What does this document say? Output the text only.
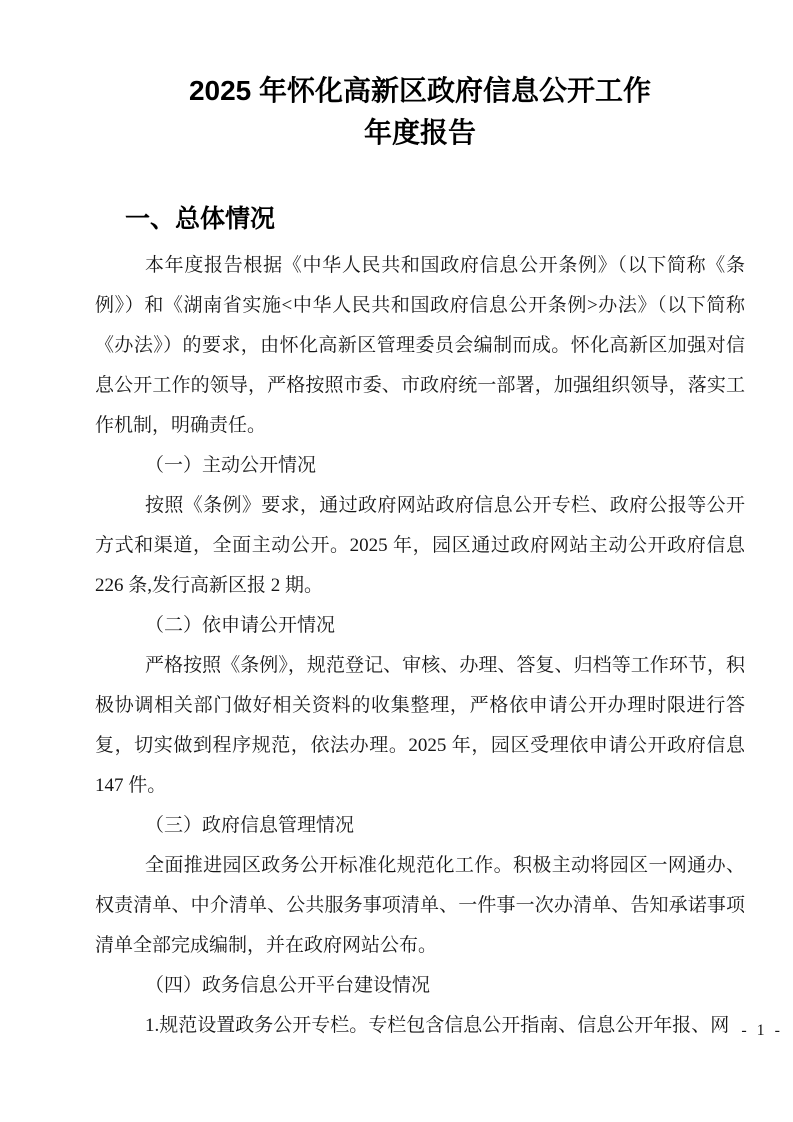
2025 年怀化高新区政府信息公开工作
年度报告
一、总体情况

本年度报告根据《中华人民共和国政府信息公开条例》（以下简称《条例》）和《湖南省实施<中华人民共和国政府信息公开条例>办法》（以下简称《办法》）的要求，由怀化高新区管理委员会编制而成。怀化高新区加强对信息公开工作的领导，严格按照市委、市政府统一部署，加强组织领导，落实工作机制，明确责任。

（一）主动公开情况

按照《条例》要求，通过政府网站政府信息公开专栏、政府公报等公开方式和渠道，全面主动公开。2025 年，园区通过政府网站主动公开政府信息 226 条,发行高新区报 2 期。

（二）依申请公开情况

严格按照《条例》，规范登记、审核、办理、答复、归档等工作环节，积极协调相关部门做好相关资料的收集整理，严格依申请公开办理时限进行答复，切实做到程序规范，依法办理。2025 年，园区受理依申请公开政府信息 147 件。

（三）政府信息管理情况

全面推进园区政务公开标准化规范化工作。积极主动将园区一网通办、权责清单、中介清单、公共服务事项清单、一件事一次办清单、告知承诺事项清单全部完成编制，并在政府网站公布。

（四）政务信息公开平台建设情况

1.规范设置政务公开专栏。专栏包含信息公开指南、信息公开年报、网 - 1 -
